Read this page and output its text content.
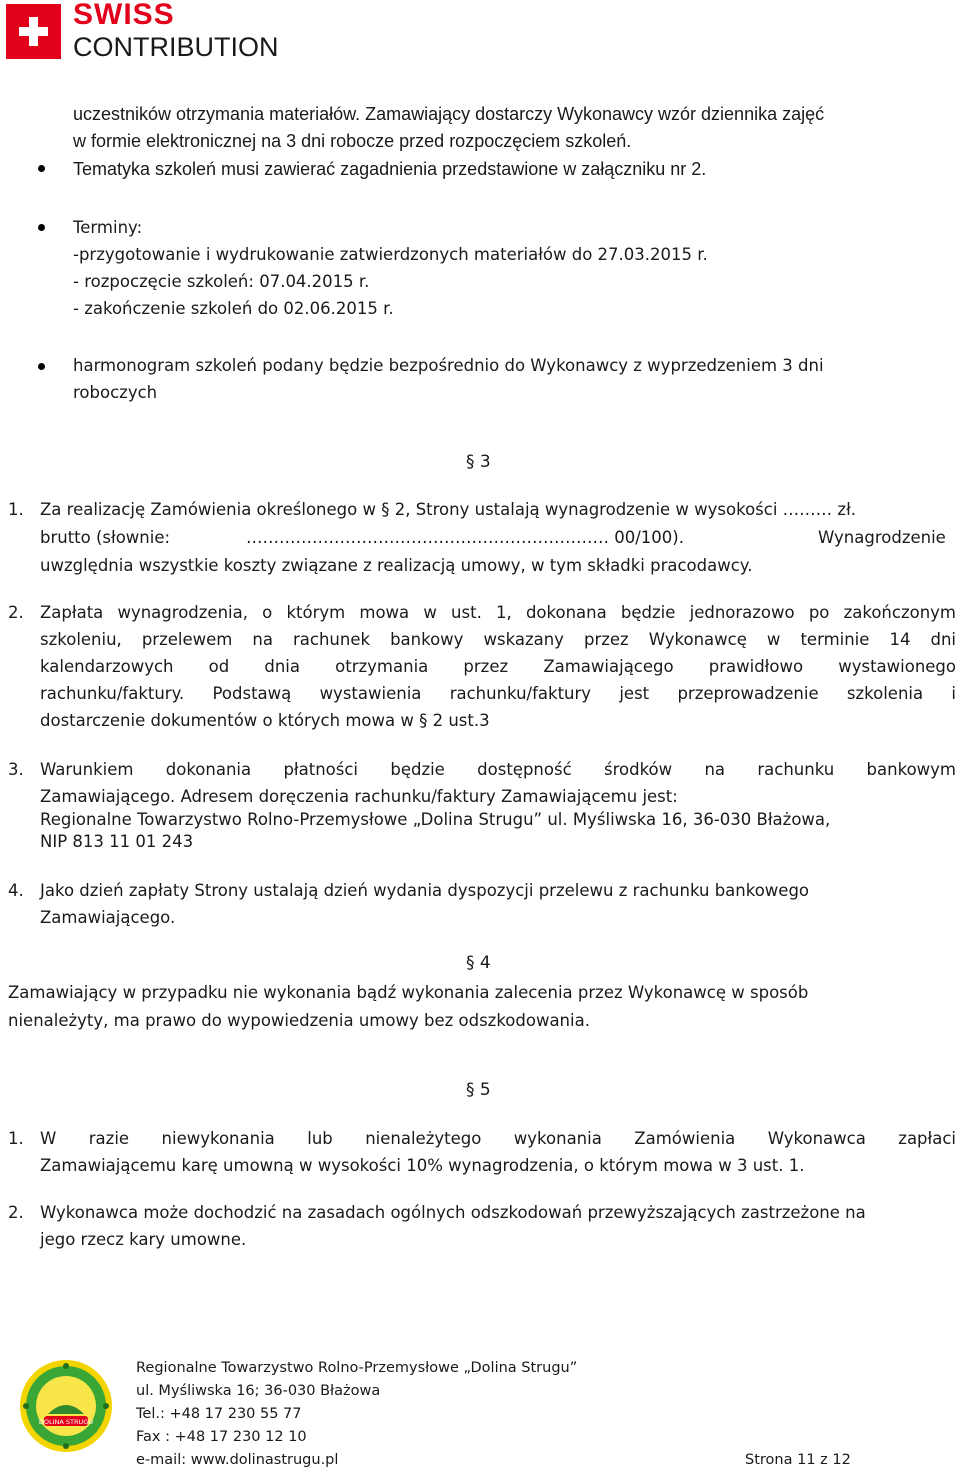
SWISS
CONTRIBUTION
uczestników otrzymania materiałów. Zamawiający dostarczy Wykonawcy wzór dziennika zajęć
w formie elektronicznej na 3 dni robocze przed rozpoczęciem szkoleń.
Tematyka szkoleń musi zawierać zagadnienia przedstawione w załączniku nr 2.
Terminy:
-przygotowanie i wydrukowanie zatwierdzonych materiałów do 27.03.2015 r.
- rozpoczęcie szkoleń: 07.04.2015 r.
- zakończenie szkoleń do 02.06.2015 r.
harmonogram szkoleń podany będzie bezpośrednio do Wykonawcy z wyprzedzeniem 3 dni
roboczych
§ 3
1. Za realizację Zamówienia określonego w § 2, Strony ustalają wynagrodzenie w wysokości ……… zł.
brutto (słownie:	………………………………………………………… 00/100).	Wynagrodzenie
uwzględnia wszystkie koszty związane z realizacją umowy, w tym składki pracodawcy.
2. Zapłata wynagrodzenia, o którym mowa w ust. 1, dokonana będzie jednorazowo po zakończonym
szkoleniu, przelewem na rachunek bankowy wskazany przez Wykonawcę w terminie 14 dni
kalendarzowych od dnia otrzymania przez Zamawiającego prawidłowo wystawionego
rachunku/faktury. Podstawą wystawienia rachunku/faktury jest przeprowadzenie szkolenia i
dostarczenie dokumentów o których mowa w § 2 ust.3
3. Warunkiem dokonania płatności będzie dostępność środków na rachunku bankowym
Zamawiającego. Adresem doręczenia rachunku/faktury Zamawiającemu jest:
Regionalne Towarzystwo Rolno-Przemysłowe „Dolina Strugu” ul. Myśliwska 16, 36-030 Błażowa,
NIP 813 11 01 243
4. Jako dzień zapłaty Strony ustalają dzień wydania dyspozycji przelewu z rachunku bankowego
Zamawiającego.
§ 4
Zamawiający w przypadku nie wykonania bądź wykonania zalecenia przez Wykonawcę w sposób
nienależyty, ma prawo do wypowiedzenia umowy bez odszkodowania.
§ 5
1. W razie niewykonania lub nienależytego wykonania Zamówienia Wykonawca zapłaci
Zamawiającemu karę umowną w wysokości 10% wynagrodzenia, o którym mowa w 3 ust. 1.
2. Wykonawca może dochodzić na zasadach ogólnych odszkodowań przewyższających zastrzeżone na
jego rzecz kary umowne.
DOLINA STRUGU
Regionalne Towarzystwo Rolno-Przemysłowe „Dolina Strugu”
ul. Myśliwska 16; 36-030 Błażowa
Tel.: +48 17 230 55 77
Fax : +48 17 230 12 10
e-mail: www.dolinastrugu.pl	Strona 11 z 12
